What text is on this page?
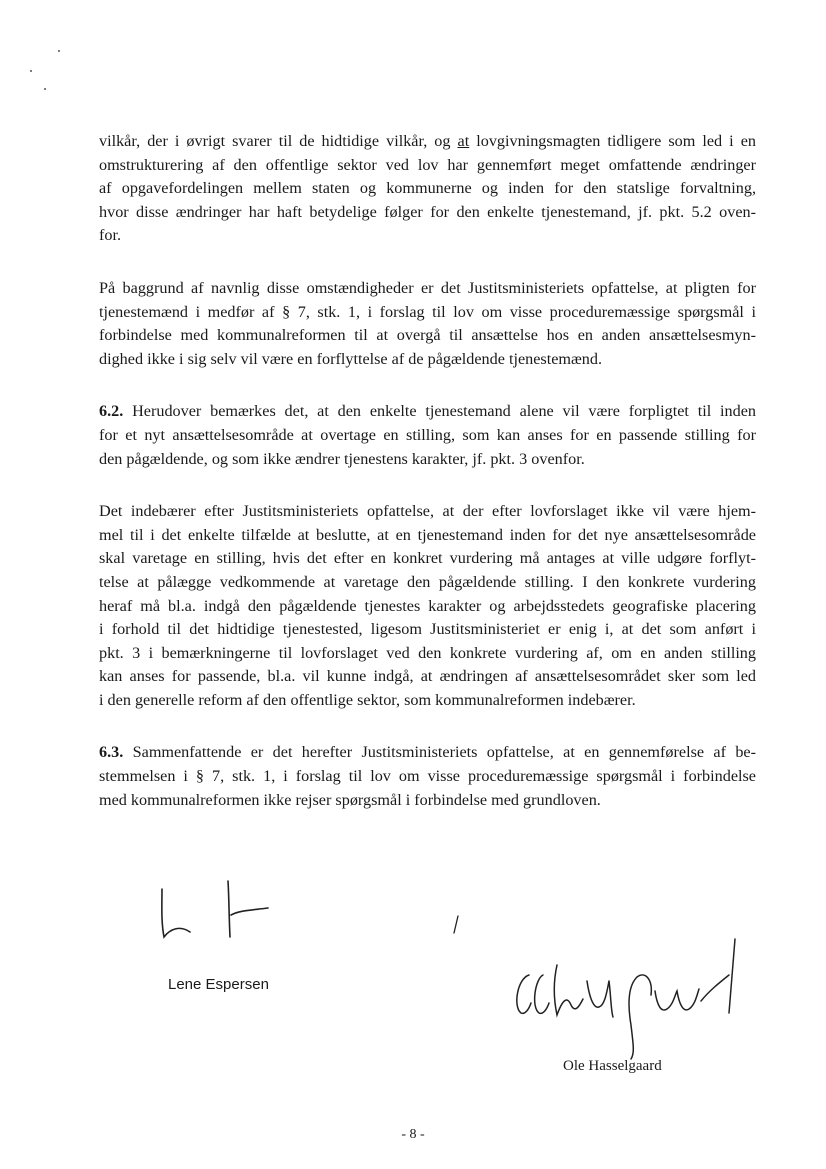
vilkår, der i øvrigt svarer til de hidtidige vilkår, og at lovgivningsmagten tidligere som led i en
omstrukturering af den offentlige sektor ved lov har gennemført meget omfattende ændringer
af opgavefordelingen mellem staten og kommunerne og inden for den statslige forvaltning,
hvor disse ændringer har haft betydelige følger for den enkelte tjenestemand, jf. pkt. 5.2 oven-
for.

På baggrund af navnlig disse omstændigheder er det Justitsministeriets opfattelse, at pligten for
tjenestemænd i medfør af § 7, stk. 1, i forslag til lov om visse proceduremæssige spørgsmål i
forbindelse med kommunalreformen til at overgå til ansættelse hos en anden ansættelsesmyn-
dighed ikke i sig selv vil være en forflyttelse af de pågældende tjenestemænd.

6.2. Herudover bemærkes det, at den enkelte tjenestemand alene vil være forpligtet til inden
for et nyt ansættelsesområde at overtage en stilling, som kan anses for en passende stilling for
den pågældende, og som ikke ændrer tjenestens karakter, jf. pkt. 3 ovenfor.

Det indebærer efter Justitsministeriets opfattelse, at der efter lovforslaget ikke vil være hjem-
mel til i det enkelte tilfælde at beslutte, at en tjenestemand inden for det nye ansættelsesområde
skal varetage en stilling, hvis det efter en konkret vurdering må antages at ville udgøre forflyt-
telse at pålægge vedkommende at varetage den pågældende stilling. I den konkrete vurdering
heraf må bl.a. indgå den pågældende tjenestes karakter og arbejdsstedets geografiske placering
i forhold til det hidtidige tjenestested, ligesom Justitsministeriet er enig i, at det som anført i
pkt. 3 i bemærkningerne til lovforslaget ved den konkrete vurdering af, om en anden stilling
kan anses for passende, bl.a. vil kunne indgå, at ændringen af ansættelsesområdet sker som led
i den generelle reform af den offentlige sektor, som kommunalreformen indebærer.

6.3. Sammenfattende er det herefter Justitsministeriets opfattelse, at en gennemførelse af be-
stemmelsen i § 7, stk. 1, i forslag til lov om visse proceduremæssige spørgsmål i forbindelse
med kommunalreformen ikke rejser spørgsmål i forbindelse med grundloven.

Lene Espersen
Ole Hasselgaard
- 8 -
